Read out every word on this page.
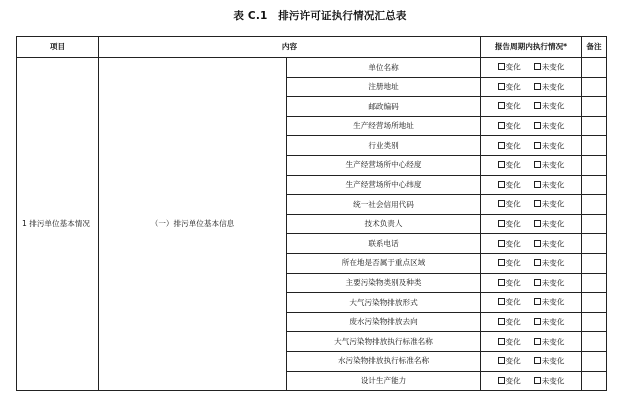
表 C.1　排污许可证执行情况汇总表
项目	内容		报告周期内执行情况*	备注
1 排污单位基本情况	（一）排污单位基本信息	单位名称	变化 未变化	
		注册地址	变化 未变化	
		邮政编码	变化 未变化	
		生产经营场所地址	变化 未变化	
		行业类别	变化 未变化	
		生产经营场所中心经度	变化 未变化	
		生产经营场所中心纬度	变化 未变化	
		统一社会信用代码	变化 未变化	
		技术负责人	变化 未变化	
		联系电话	变化 未变化	
		所在地是否属于重点区域	变化 未变化	
		主要污染物类别及种类	变化 未变化	
		大气污染物排放形式	变化 未变化	
		废水污染物排放去向	变化 未变化	
		大气污染物排放执行标准名称	变化 未变化	
		水污染物排放执行标准名称	变化 未变化	
		设计生产能力	变化 未变化	
